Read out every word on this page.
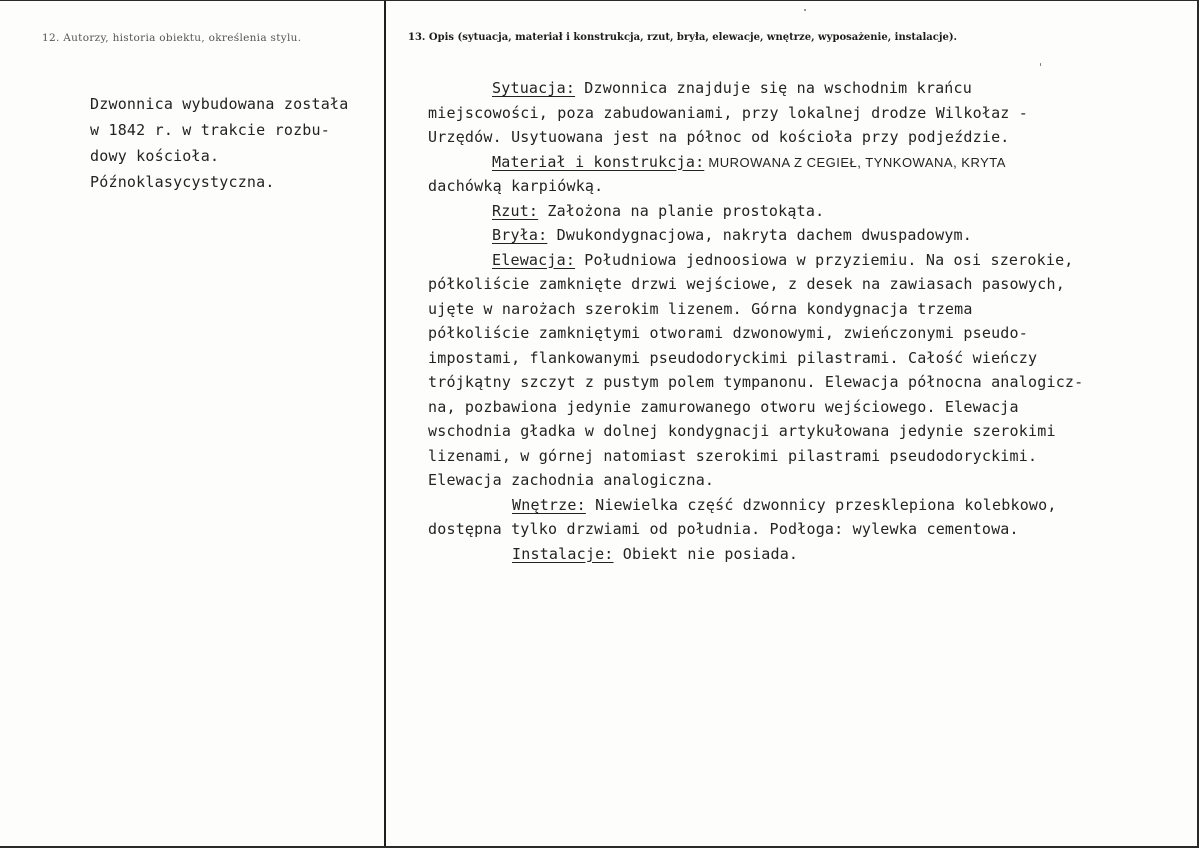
12. Autorzy, historia obiektu, określenia stylu.	13. Opis (sytuacja, materiał i konstrukcja, rzut, bryła, elewacje, wnętrze, wyposażenie, instalacje).
Dzwonnica wybudowana została
w 1842 r. w trakcie rozbu-
dowy kościoła.
Późnoklasycystyczna.
Sytuacja: Dzwonnica znajduje się na wschodnim krańcu
miejscowości, poza zabudowaniami, przy lokalnej drodze Wilkołaz -
Urzędów. Usytuowana jest na północ od kościoła przy podjeździe.
Materiał i konstrukcja: MUROWANA Z CEGIEŁ, TYNKOWANA, KRYTA
dachówką karpiówką.
Rzut: Założona na planie prostokąta.
Bryła: Dwukondygnacjowa, nakryta dachem dwuspadowym.
Elewacja: Południowa jednoosiowa w przyziemiu. Na osi szerokie,
półkoliście zamknięte drzwi wejściowe, z desek na zawiasach pasowych,
ujęte w narożach szerokim lizenem. Górna kondygnacja trzema
półkoliście zamkniętymi otworami dzwonowymi, zwieńczonymi pseudo-
impostami, flankowanymi pseudodoryckimi pilastrami. Całość wieńczy
trójkątny szczyt z pustym polem tympanonu. Elewacja północna analogicz-
na, pozbawiona jedynie zamurowanego otworu wejściowego. Elewacja
wschodnia gładka w dolnej kondygnacji artykułowana jedynie szerokimi
lizenami, w górnej natomiast szerokimi pilastrami pseudodoryckimi.
Elewacja zachodnia analogiczna.
Wnętrze: Niewielka część dzwonnicy przesklepiona kolebkowo,
dostępna tylko drzwiami od południa. Podłoga: wylewka cementowa.
Instalacje: Obiekt nie posiada.
